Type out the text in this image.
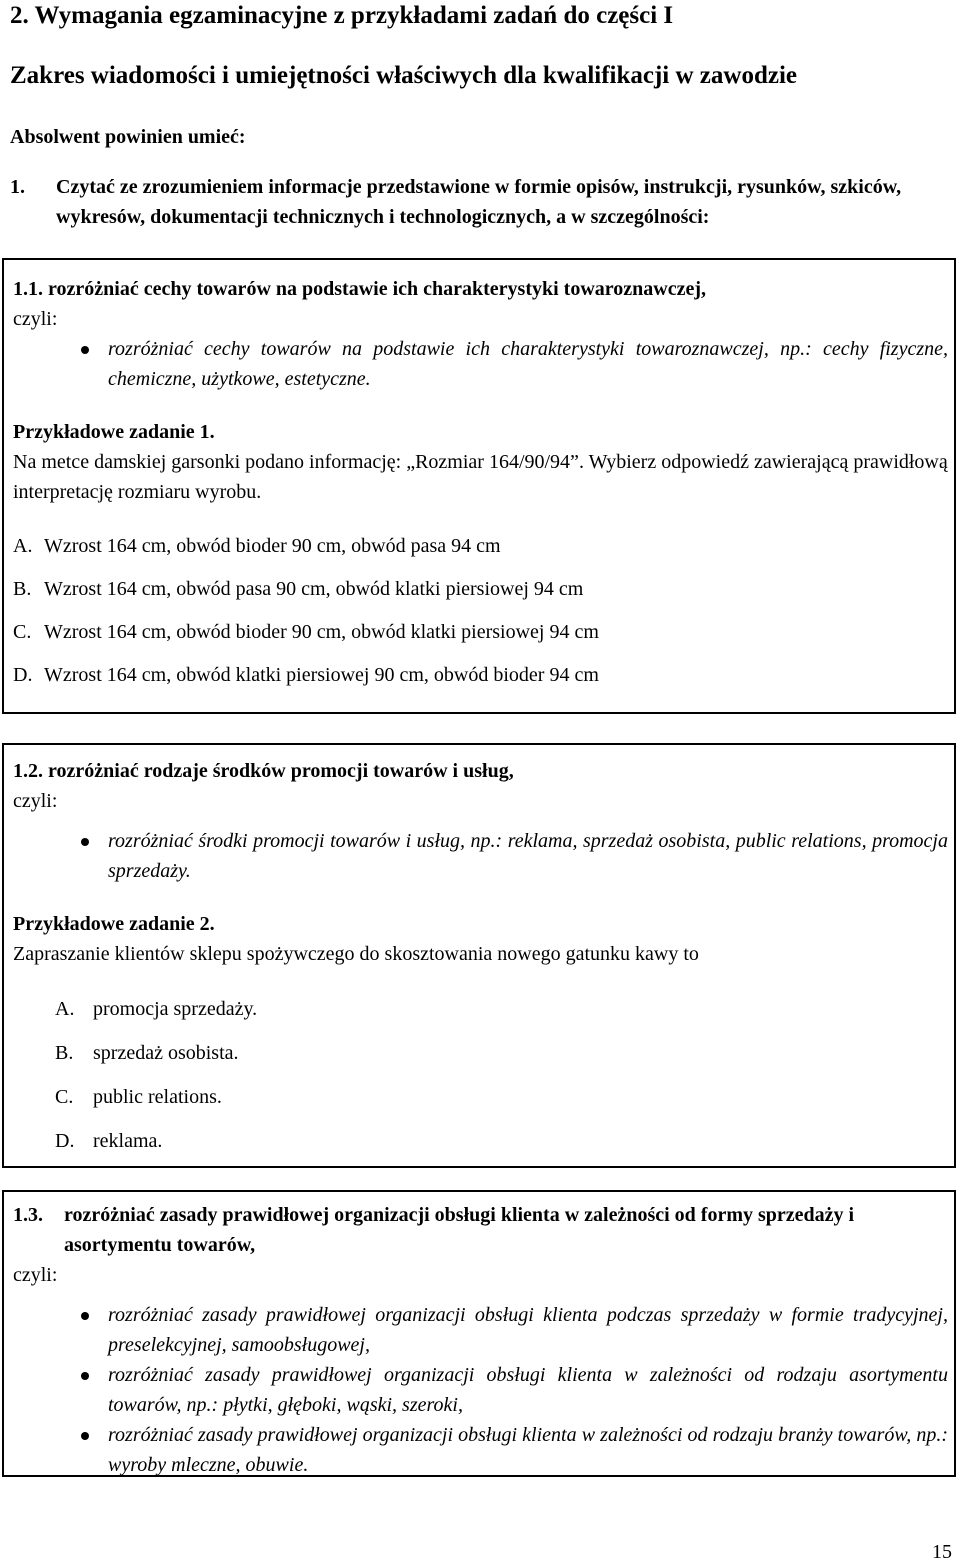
2. Wymagania egzaminacyjne z przykładami zadań do części I
Zakres wiadomości i umiejętności właściwych dla kwalifikacji w zawodzie
Absolwent powinien umieć:
1. Czytać ze zrozumieniem informacje przedstawione w formie opisów, instrukcji, rysunków, szkiców, wykresów, dokumentacji technicznych i technologicznych, a w szczególności:
1.1. rozróżniać cechy towarów na podstawie ich charakterystyki towaroznawczej,
czyli:
rozróżniać cechy towarów na podstawie ich charakterystyki towaroznawczej, np.: cechy fizyczne, chemiczne, użytkowe, estetyczne.
Przykładowe zadanie 1.
Na metce damskiej garsonki podano informację: „Rozmiar 164/90/94”. Wybierz odpowiedź zawierającą prawidłową interpretację rozmiaru wyrobu.
A. Wzrost 164 cm, obwód bioder 90 cm, obwód pasa 94 cm
B. Wzrost 164 cm, obwód pasa 90 cm, obwód klatki piersiowej 94 cm
C. Wzrost 164 cm, obwód bioder 90 cm, obwód klatki piersiowej 94 cm
D. Wzrost 164 cm, obwód klatki piersiowej 90 cm, obwód bioder 94 cm
1.2. rozróżniać rodzaje środków promocji towarów i usług,
czyli:
rozróżniać środki promocji towarów i usług, np.: reklama, sprzedaż osobista, public relations, promocja sprzedaży.
Przykładowe zadanie 2.
Zapraszanie klientów sklepu spożywczego do skosztowania nowego gatunku kawy to
A. promocja sprzedaży.
B. sprzedaż osobista.
C. public relations.
D. reklama.
1.3.	rozróżniać zasady prawidłowej organizacji obsługi klienta w zależności od formy sprzedaży i asortymentu towarów,
czyli:
rozróżniać zasady prawidłowej organizacji obsługi klienta podczas sprzedaży w formie tradycyjnej, preselekcyjnej, samoobsługowej,
rozróżniać zasady prawidłowej organizacji obsługi klienta w zależności od rodzaju asortymentu towarów, np.: płytki, głęboki, wąski, szeroki,
rozróżniać zasady prawidłowej organizacji obsługi klienta w zależności od rodzaju branży towarów, np.: wyroby mleczne, obuwie.
15
